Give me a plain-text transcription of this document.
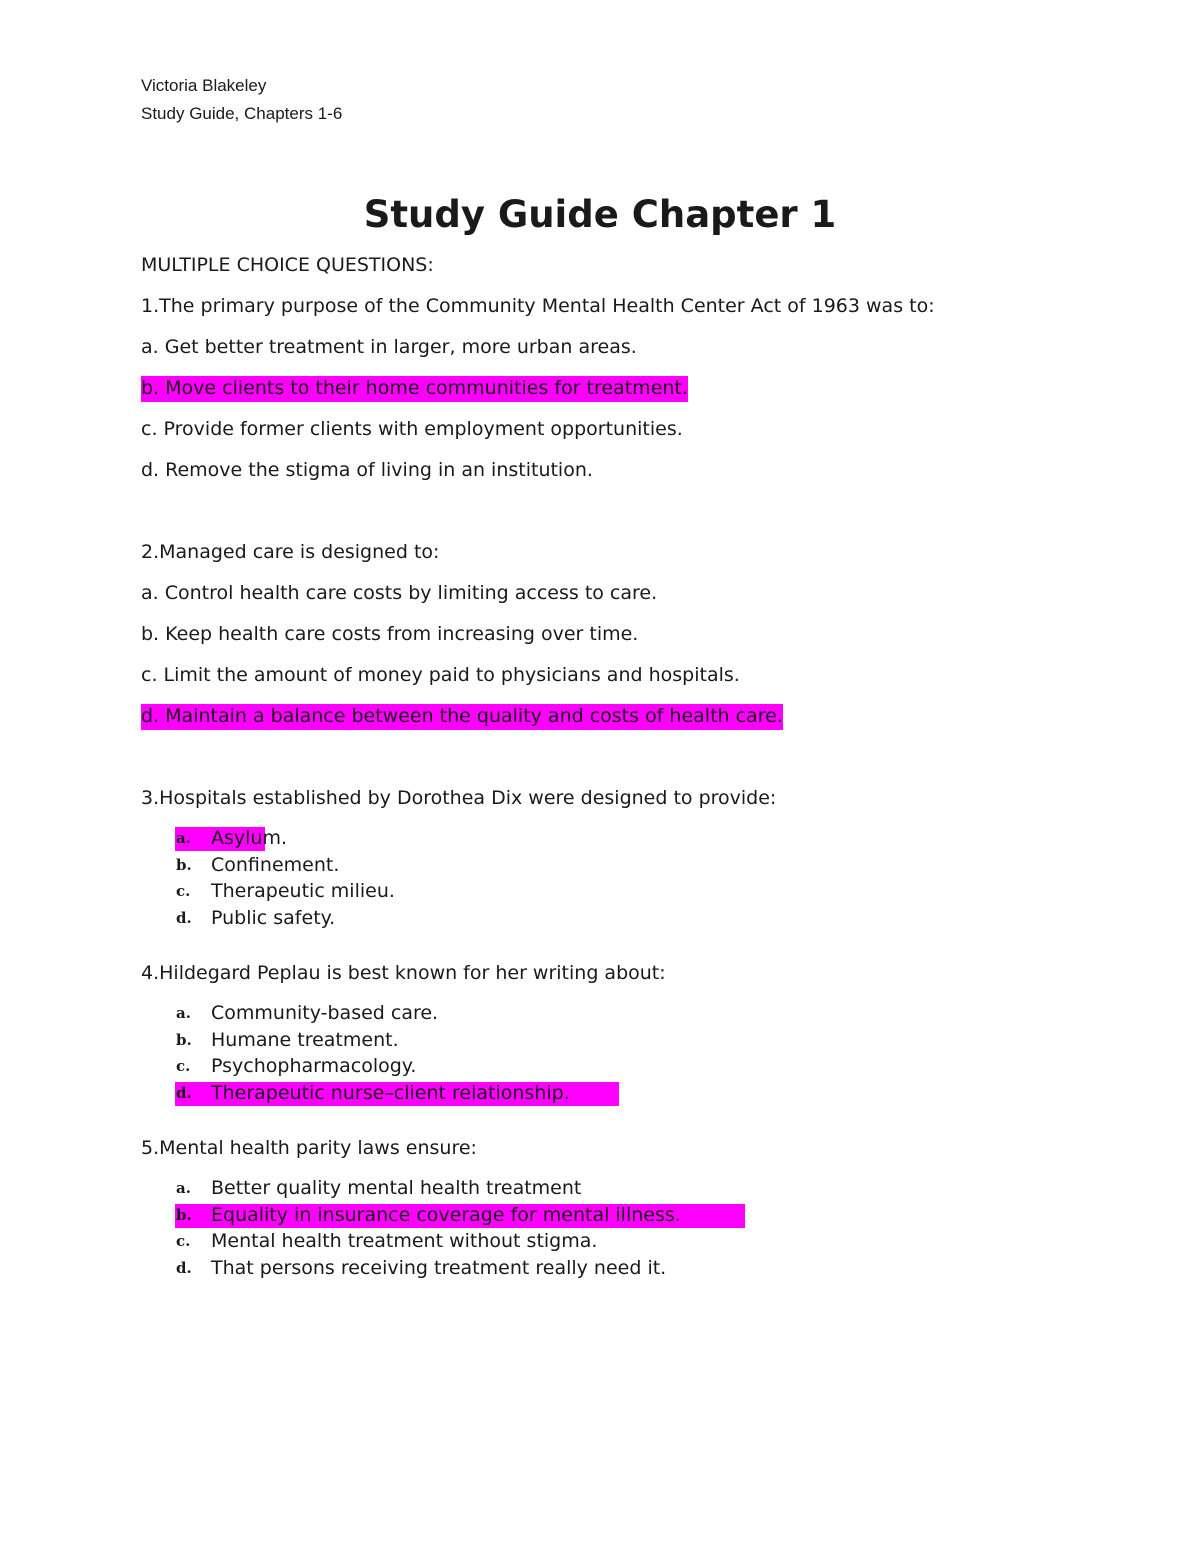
Victoria Blakeley
Study Guide, Chapters 1-6
Study Guide Chapter 1
MULTIPLE CHOICE QUESTIONS:
1.The primary purpose of the Community Mental Health Center Act of 1963 was to:
a. Get better treatment in larger, more urban areas.
b. Move clients to their home communities for treatment.
c. Provide former clients with employment opportunities.
d. Remove the stigma of living in an institution.
2.Managed care is designed to:
a. Control health care costs by limiting access to care.
b. Keep health care costs from increasing over time.
c. Limit the amount of money paid to physicians and hospitals.
d. Maintain a balance between the quality and costs of health care.
3.Hospitals established by Dorothea Dix were designed to provide:
a. Asylum.
b. Confinement.
c. Therapeutic milieu.
d. Public safety.
4.Hildegard Peplau is best known for her writing about:
a. Community-based care.
b. Humane treatment.
c. Psychopharmacology.
d. Therapeutic nurse–client relationship.
5.Mental health parity laws ensure:
a. Better quality mental health treatment
b. Equality in insurance coverage for mental illness.
c. Mental health treatment without stigma.
d. That persons receiving treatment really need it.
